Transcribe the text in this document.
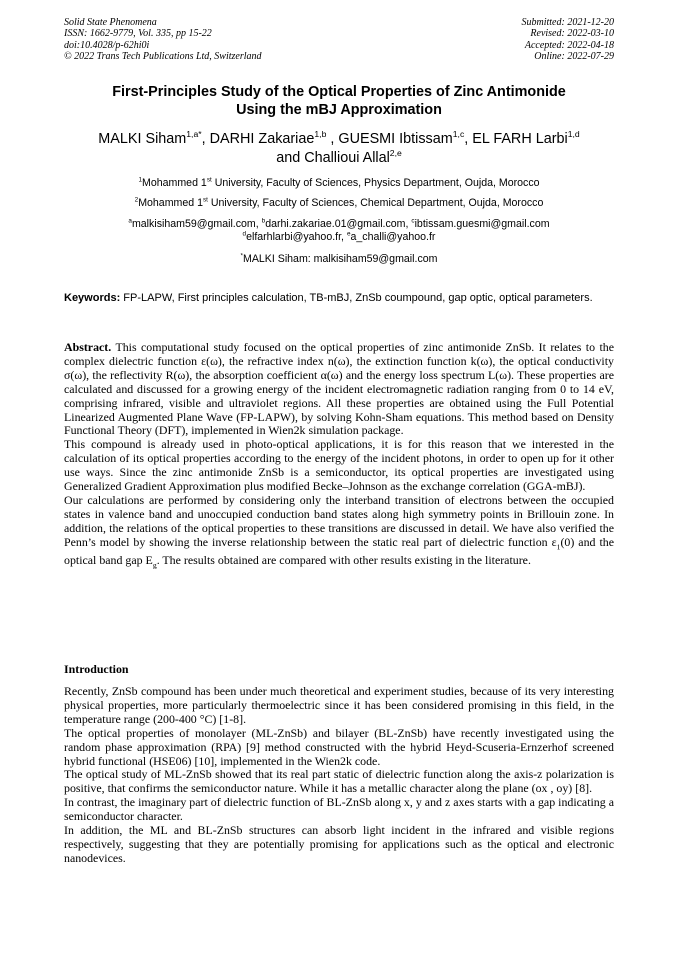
Solid State Phenomena
ISSN: 1662-9779, Vol. 335, pp 15-22
doi:10.4028/p-62hi0i
© 2022 Trans Tech Publications Ltd, Switzerland
Submitted: 2021-12-20
Revised: 2022-03-10
Accepted: 2022-04-18
Online: 2022-07-29
First-Principles Study of the Optical Properties of Zinc Antimonide
Using the mBJ Approximation
MALKI Siham$^{1,a*}$, DARHI Zakariae$^{1,b}$ , GUESMI Ibtissam$^{1,c}$, EL FARH Larbi$^{1,d}$
and Challioui Allal$^{2,e}$
$^1$Mohammed 1st University, Faculty of Sciences, Physics Department, Oujda, Morocco
$^2$Mohammed 1st University, Faculty of Sciences, Chemical Department, Oujda, Morocco
$^a$malkisiham59@gmail.com, $^b$darhi.zakariae.01@gmail.com, $^c$ibtissam.guesmi@gmail.com
$^d$elfarhlarbi@yahoo.fr, $^e$a_challi@yahoo.fr
*MALKI Siham: malkisiham59@gmail.com
Keywords: FP-LAPW, First principles calculation, TB-mBJ, ZnSb coumpound, gap optic, optical parameters.

Abstract. This computational study focused on the optical properties of zinc antimonide ZnSb. It relates to the complex dielectric function ε(ω), the refractive index n(ω), the extinction function k(ω), the optical conductivity σ(ω), the reflectivity R(ω), the absorption coefficient α(ω) and the energy loss spectrum L(ω). These properties are calculated and discussed for a growing energy of the incident electromagnetic radiation ranging from 0 to 14 eV, comprising infrared, visible and ultraviolet regions. All these properties are obtained using the Full Potential Linearized Augmented Plane Wave (FP-LAPW), by solving Kohn-Sham equations. This method based on Density Functional Theory (DFT), implemented in Wien2k simulation package.

This compound is already used in photo-optical applications, it is for this reason that we interested in the calculation of its optical properties according to the energy of the incident photons, in order to open up for it other use ways. Since the zinc antimonide ZnSb is a semiconductor, its optical properties are investigated using Generalized Gradient Approximation plus modified Becke–Johnson as the exchange correlation (GGA-mBJ).

Our calculations are performed by considering only the interband transition of electrons between the occupied states in valence band and unoccupied conduction band states along high symmetry points in Brillouin zone. In addition, the relations of the optical properties to these transitions are discussed in detail. We have also verified the Penn’s model by showing the inverse relationship between the static real part of dielectric function $\varepsilon_1(0)$ and the optical band gap $E_g$. The results obtained are compared with other results existing in the literature.

Introduction

Recently, ZnSb compound has been under much theoretical and experiment studies, because of its very interesting physical properties, more particularly thermoelectric since it has been considered promising in this field, in the temperature range (200-400 °C) [1-8].

The optical properties of monolayer (ML-ZnSb) and bilayer (BL-ZnSb) have recently investigated using the random phase approximation (RPA) [9] method constructed with the hybrid Heyd-Scuseria-Ernzerhof screened hybrid functional (HSE06) [10], implemented in the Wien2k code.

The optical study of ML-ZnSb showed that its real part static of dielectric function along the axis-z polarization is positive, that confirms the semiconductor nature. While it has a metallic character along the plane (ox , oy) [8].

In contrast, the imaginary part of dielectric function of BL-ZnSb along x, y and z axes starts with a gap indicating a semiconductor character.

In addition, the ML and BL-ZnSb structures can absorb light incident in the infrared and visible regions respectively, suggesting that they are potentially promising for applications such as the optical and electronic nanodevices.
